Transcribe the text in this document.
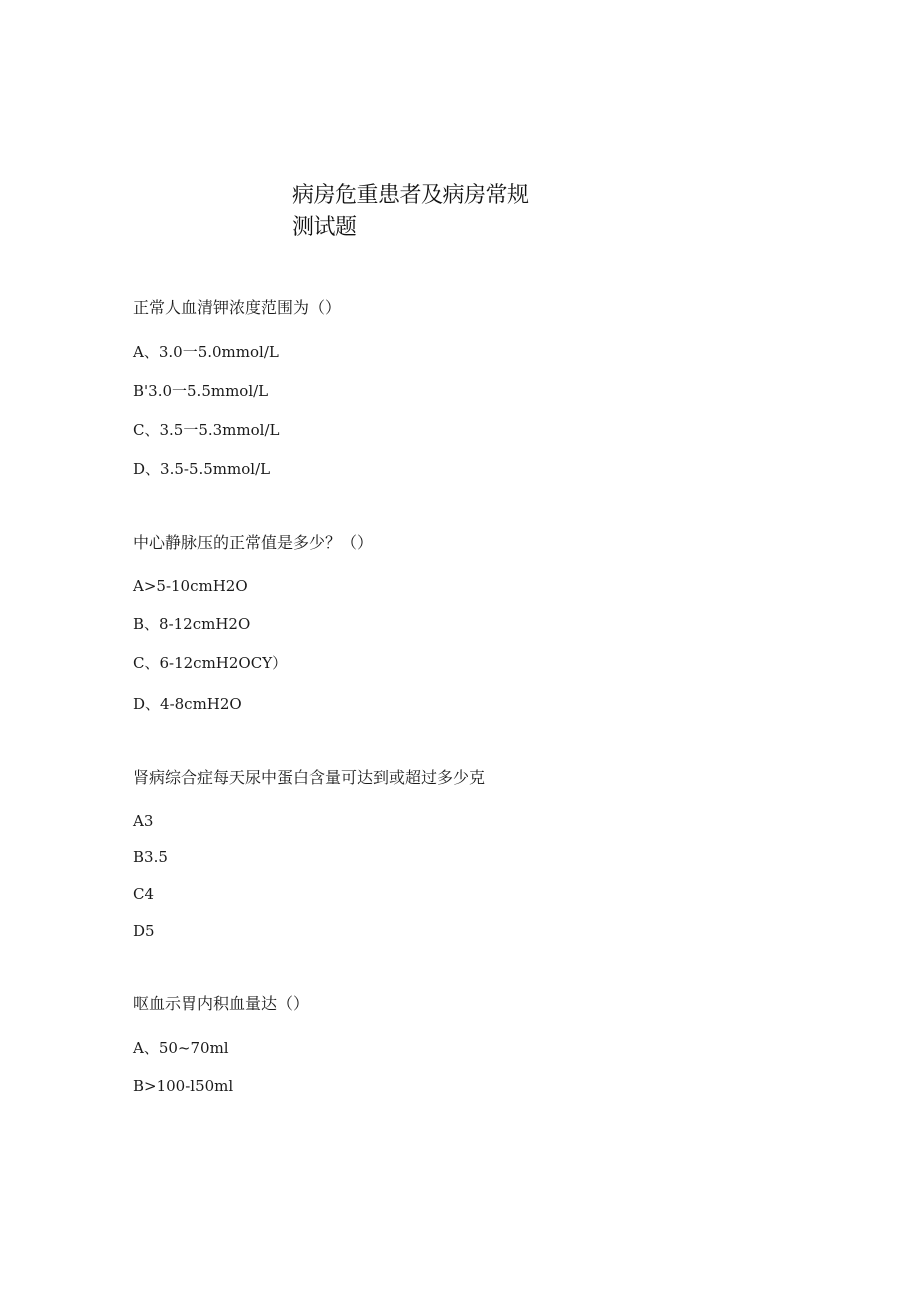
病房危重患者及病房常规
测试题
正常人血清钾浓度范围为（）
A、3.0一5.0mmol/L
B'3.0一5.5mmol/L
C、3.5一5.3mmol/L
D、3.5-5.5mmol/L
中心静脉压的正常值是多少？（）
A>5-10cmH2O
B、8-12cmH2O
C、6-12cmH2OCY）
D、4-8cmH2O
肾病综合症每天尿中蛋白含量可达到或超过多少克
A3
B3.5
C4
D5
呕血示胃内积血量达（）
A、50~70ml
B>100-l50ml
